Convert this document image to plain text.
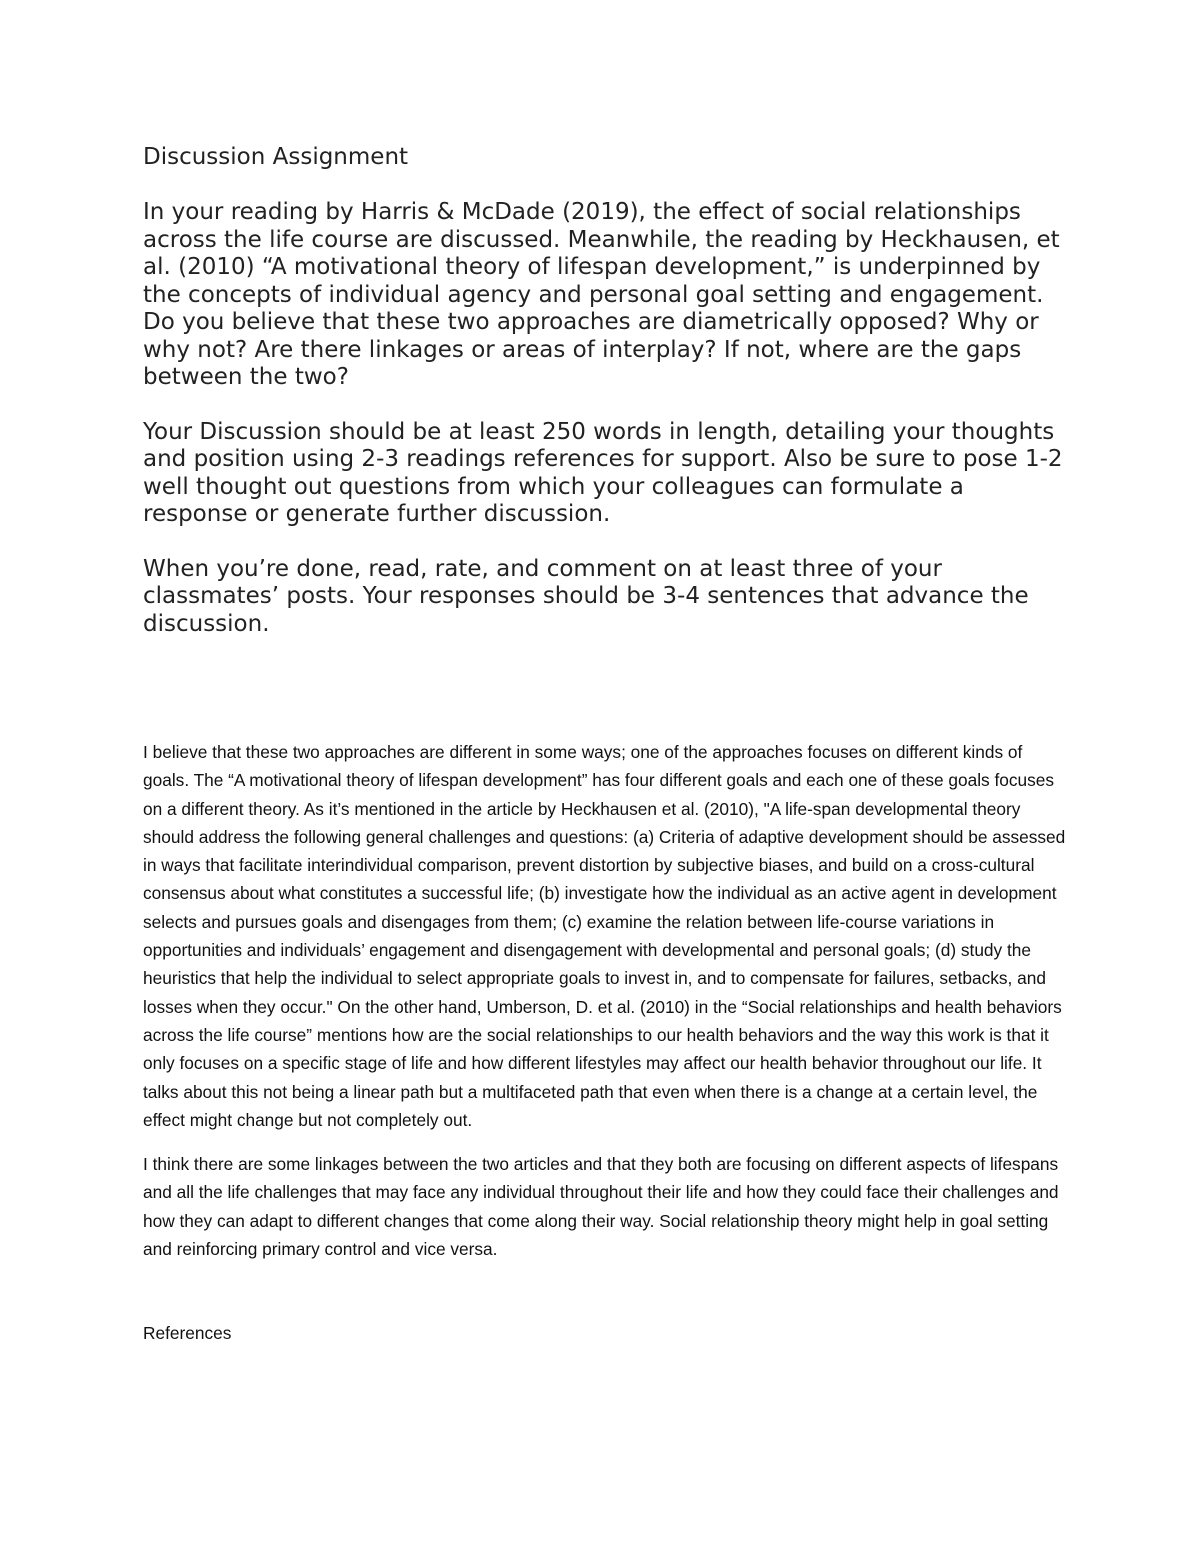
Discussion Assignment

In your reading by Harris & McDade (2019), the effect of social relationships across the life course are discussed. Meanwhile, the reading by Heckhausen, et al. (2010) “A motivational theory of lifespan development,” is underpinned by the concepts of individual agency and personal goal setting and engagement.

Do you believe that these two approaches are diametrically opposed? Why or why not? Are there linkages or areas of interplay? If not, where are the gaps between the two?

Your Discussion should be at least 250 words in length, detailing your thoughts and position using 2-3 readings references for support. Also be sure to pose 1-2 well thought out questions from which your colleagues can formulate a response or generate further discussion.

When you’re done, read, rate, and comment on at least three of your classmates’ posts. Your responses should be 3-4 sentences that advance the discussion.

I believe that these two approaches are different in some ways; one of the approaches focuses on different kinds of goals. The “A motivational theory of lifespan development” has four different goals and each one of these goals focuses on a different theory. As it’s mentioned in the article by Heckhausen et al. (2010), "A life-span developmental theory should address the following general challenges and questions: (a) Criteria of adaptive development should be assessed in ways that facilitate interindividual comparison, prevent distortion by subjective biases, and build on a cross-cultural consensus about what constitutes a successful life; (b) investigate how the individual as an active agent in development selects and pursues goals and disengages from them; (c) examine the relation between life-course variations in opportunities and individuals’ engagement and disengagement with developmental and personal goals; (d) study the heuristics that help the individual to select appropriate goals to invest in, and to compensate for failures, setbacks, and losses when they occur." On the other hand, Umberson, D. et al. (2010) in the “Social relationships and health behaviors across the life course” mentions how are the social relationships to our health behaviors and the way this work is that it only focuses on a specific stage of life and how different lifestyles may affect our health behavior throughout our life. It talks about this not being a linear path but a multifaceted path that even when there is a change at a certain level, the effect might change but not completely out.

I think there are some linkages between the two articles and that they both are focusing on different aspects of lifespans and all the life challenges that may face any individual throughout their life and how they could face their challenges and how they can adapt to different changes that come along their way. Social relationship theory might help in goal setting and reinforcing primary control and vice versa.

References
